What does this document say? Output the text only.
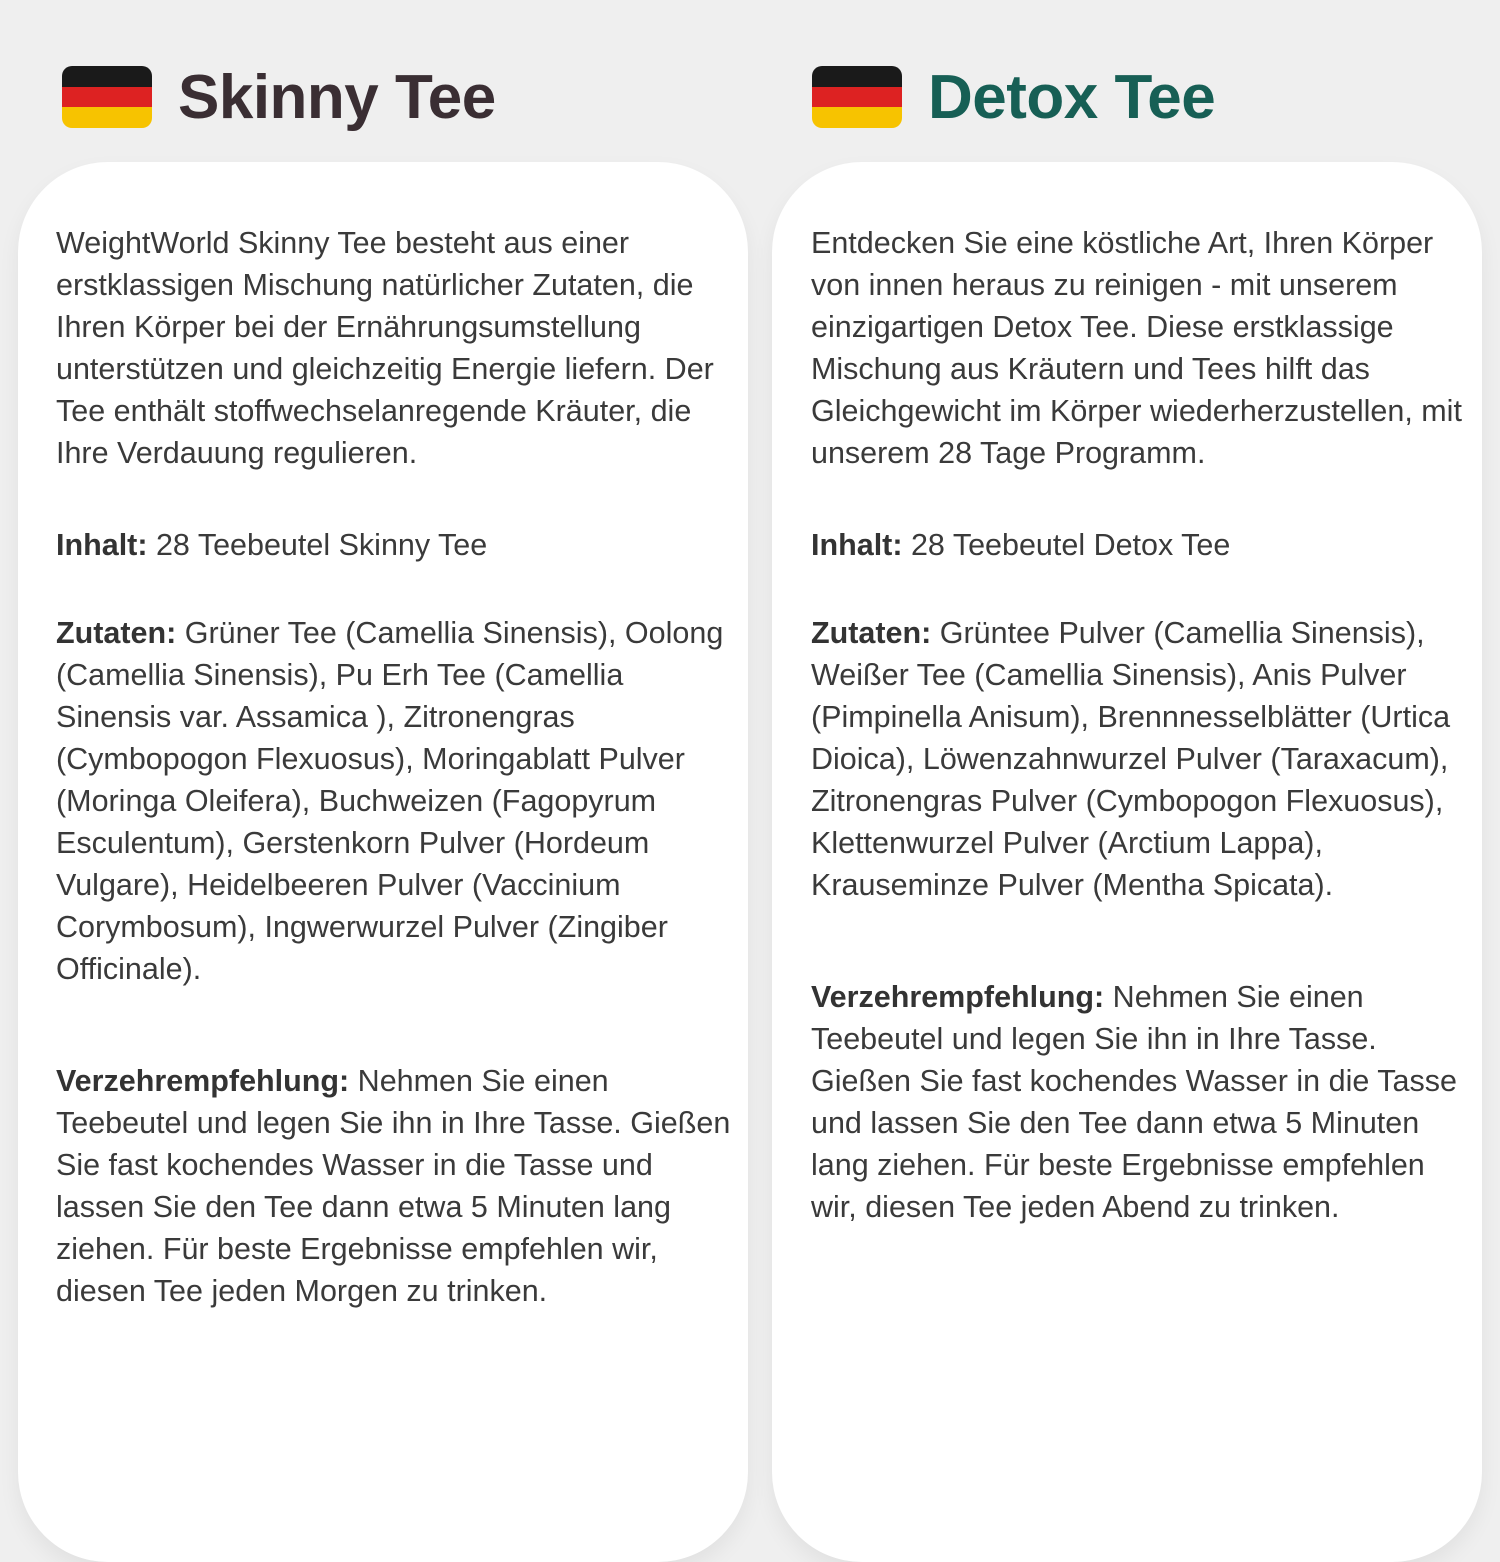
Skinny Tee

WeightWorld Skinny Tee besteht aus einer erstklassigen Mischung natürlicher Zutaten, die Ihren Körper bei der Ernährungsumstellung unterstützen und gleichzeitig Energie liefern. Der Tee enthält stoffwechselanregende Kräuter, die Ihre Verdauung regulieren.

Inhalt: 28 Teebeutel Skinny Tee

Zutaten: Grüner Tee (Camellia Sinensis), Oolong (Camellia Sinensis), Pu Erh Tee (Camellia Sinensis var. Assamica ), Zitronengras (Cymbopogon Flexuosus), Moringablatt Pulver (Moringa Oleifera), Buchweizen (Fagopyrum Esculentum), Gerstenkorn Pulver (Hordeum Vulgare), Heidelbeeren Pulver (Vaccinium Corymbosum), Ingwerwurzel Pulver (Zingiber Officinale).

Verzehrempfehlung: Nehmen Sie einen Teebeutel und legen Sie ihn in Ihre Tasse. Gießen Sie fast kochendes Wasser in die Tasse und lassen Sie den Tee dann etwa 5 Minuten lang ziehen. Für beste Ergebnisse empfehlen wir, diesen Tee jeden Morgen zu trinken.

Detox Tee

Entdecken Sie eine köstliche Art, Ihren Körper von innen heraus zu reinigen - mit unserem einzigartigen Detox Tee. Diese erstklassige Mischung aus Kräutern und Tees hilft das Gleichgewicht im Körper wiederherzustellen, mit unserem 28 Tage Programm.

Inhalt: 28 Teebeutel Detox Tee

Zutaten: Grüntee Pulver (Camellia Sinensis), Weißer Tee (Camellia Sinensis), Anis Pulver (Pimpinella Anisum), Brennnesselblätter (Urtica Dioica), Löwenzahnwurzel Pulver (Taraxacum), Zitronengras Pulver (Cymbopogon Flexuosus), Klettenwurzel Pulver (Arctium Lappa), Krauseminze Pulver (Mentha Spicata).

Verzehrempfehlung: Nehmen Sie einen Teebeutel und legen Sie ihn in Ihre Tasse. Gießen Sie fast kochendes Wasser in die Tasse und lassen Sie den Tee dann etwa 5 Minuten lang ziehen. Für beste Ergebnisse empfehlen wir, diesen Tee jeden Abend zu trinken.
